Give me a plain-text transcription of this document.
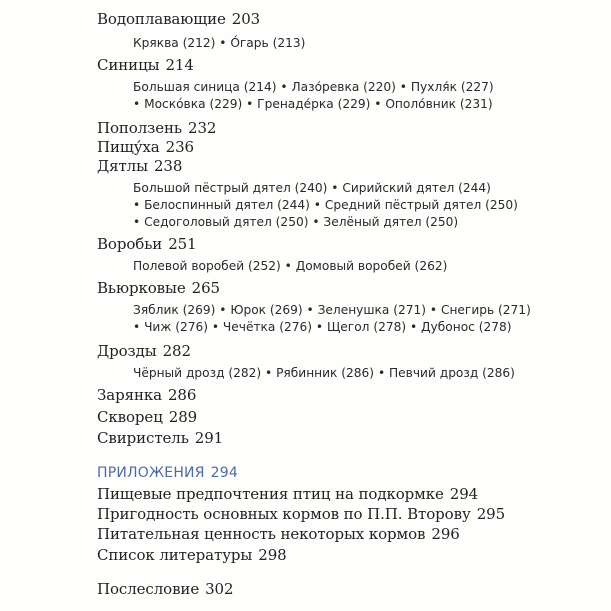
Водоплавающие 203
Кряква (212) • О́гарь (213)
Синицы 214
Большая синица (214) • Лазо́ревка (220) • Пухля́к (227)
• Москόвка (229) • Гренаде́рка (229) • Ополо́вник (231)
Поползень 232
Пищу́ха 236
Дятлы 238
Большой пёстрый дятел (240) • Сирийский дятел (244)
• Белоспинный дятел (244) • Средний пёстрый дятел (250)
• Седоголовый дятел (250) • Зелёный дятел (250)
Воробьи 251
Полевой воробей (252) • Домовый воробей (262)
Вьюрковые 265
Зяблик (269) • Юрок (269) • Зеленушка (271) • Снегирь (271)
• Чиж (276) • Чечётка (276) • Щегол (278) • Дубонос (278)
Дрозды 282
Чёрный дрозд (282) • Рябинник (286) • Певчий дрозд (286)
Зарянка 286
Скворец 289
Свиристель 291
ПРИЛОЖЕНИЯ 294
Пищевые предпочтения птиц на подкормке 294
Пригодность основных кормов по П.П. Второву 295
Питательная ценность некоторых кормов 296
Список литературы 298
Послесловие 302
